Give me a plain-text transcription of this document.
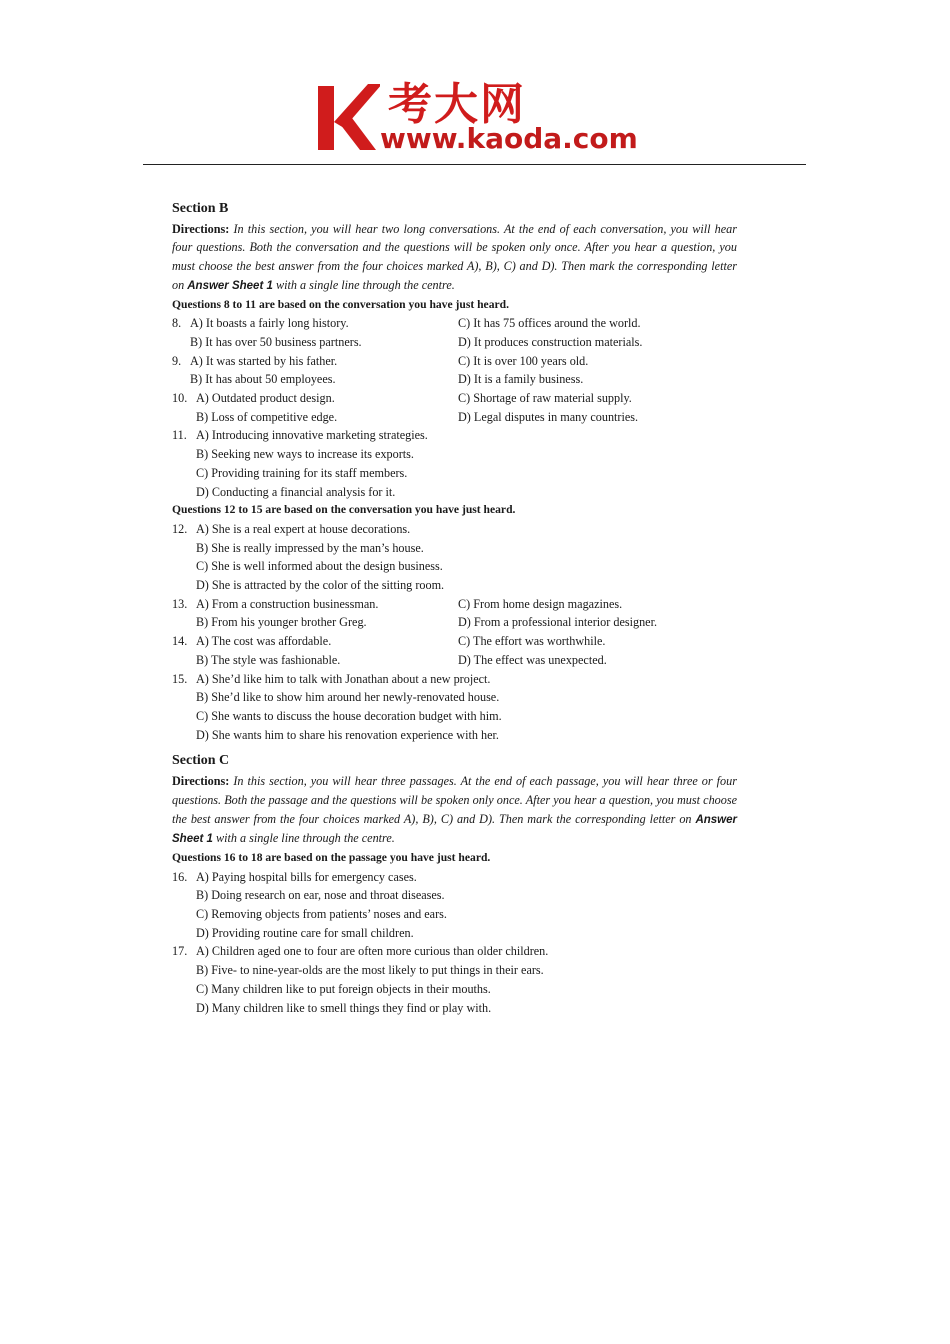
考大网
www.kaoda.com
Section B
Directions: In this section, you will hear two long conversations. At the end of each conversation, you will hear four questions. Both the conversation and the questions will be spoken only once. After you hear a question, you must choose the best answer from the four choices marked A), B), C) and D). Then mark the corresponding letter on Answer Sheet 1 with a single line through the centre.
Questions 8 to 11 are based on the conversation you have just heard.
8. A) It boasts a fairly long history.	C) It has 75 offices around the world.
B) It has over 50 business partners.	D) It produces construction materials.
9. A) It was started by his father.	C) It is over 100 years old.
B) It has about 50 employees.	D) It is a family business.
10. A) Outdated product design.	C) Shortage of raw material supply.
B) Loss of competitive edge.	D) Legal disputes in many countries.
11. A) Introducing innovative marketing strategies.
B) Seeking new ways to increase its exports.
C) Providing training for its staff members.
D) Conducting a financial analysis for it.
Questions 12 to 15 are based on the conversation you have just heard.
12. A) She is a real expert at house decorations.
B) She is really impressed by the man’s house.
C) She is well informed about the design business.
D) She is attracted by the color of the sitting room.
13. A) From a construction businessman.	C) From home design magazines.
B) From his younger brother Greg.	D) From a professional interior designer.
14. A) The cost was affordable.	C) The effort was worthwhile.
B) The style was fashionable.	D) The effect was unexpected.
15. A) She’d like him to talk with Jonathan about a new project.
B) She’d like to show him around her newly-renovated house.
C) She wants to discuss the house decoration budget with him.
D) She wants him to share his renovation experience with her.
Section C
Directions: In this section, you will hear three passages. At the end of each passage, you will hear three or four questions. Both the passage and the questions will be spoken only once. After you hear a question, you must choose the best answer from the four choices marked A), B), C) and D). Then mark the corresponding letter on Answer Sheet 1 with a single line through the centre.
Questions 16 to 18 are based on the passage you have just heard.
16. A) Paying hospital bills for emergency cases.
B) Doing research on ear, nose and throat diseases.
C) Removing objects from patients’ noses and ears.
D) Providing routine care for small children.
17. A) Children aged one to four are often more curious than older children.
B) Five- to nine-year-olds are the most likely to put things in their ears.
C) Many children like to put foreign objects in their mouths.
D) Many children like to smell things they find or play with.
